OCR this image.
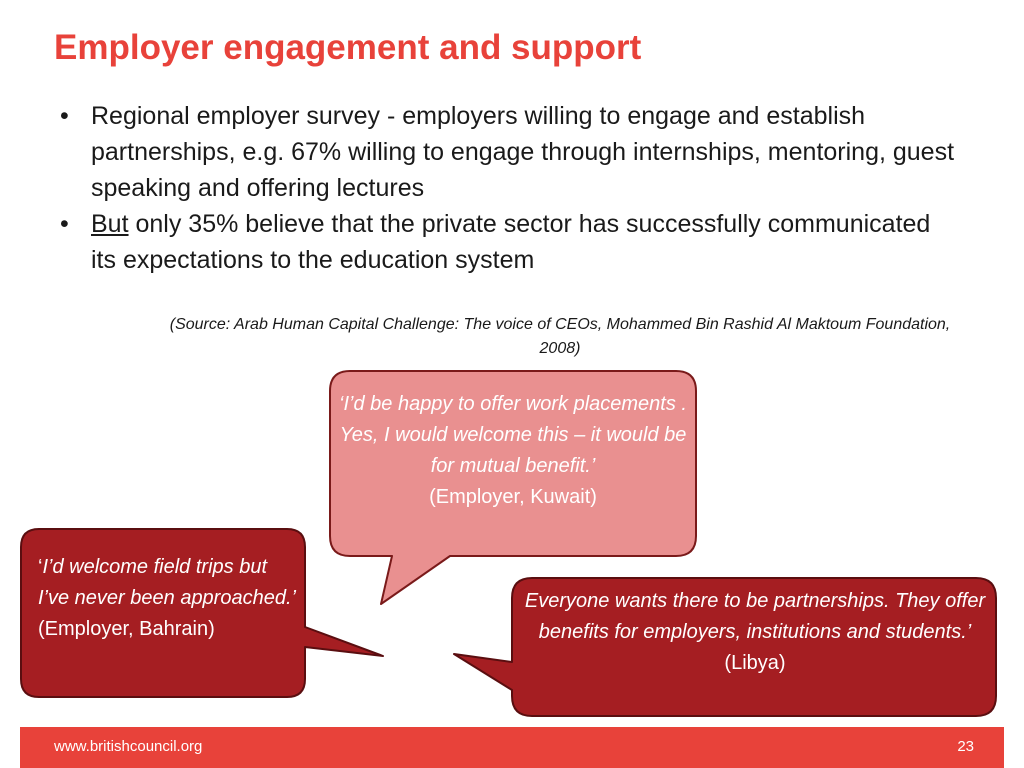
Employer engagement and support
• Regional employer survey - employers willing to engage and establish partnerships, e.g. 67% willing to engage through internships, mentoring, guest speaking and offering lectures
• But only 35% believe that the private sector has successfully communicated its expectations to the education system
(Source: Arab Human Capital Challenge: The voice of CEOs, Mohammed Bin Rashid Al Maktoum Foundation, 2008)
‘I’d be happy to offer work placements . Yes, I would welcome this – it would be for mutual benefit.’
(Employer, Kuwait)
‘I’d welcome field trips but I’ve never been approached.’
(Employer, Bahrain)
Everyone wants there to be partnerships. They offer benefits for employers, institutions and students.’
(Libya)
www.britishcouncil.org	23
